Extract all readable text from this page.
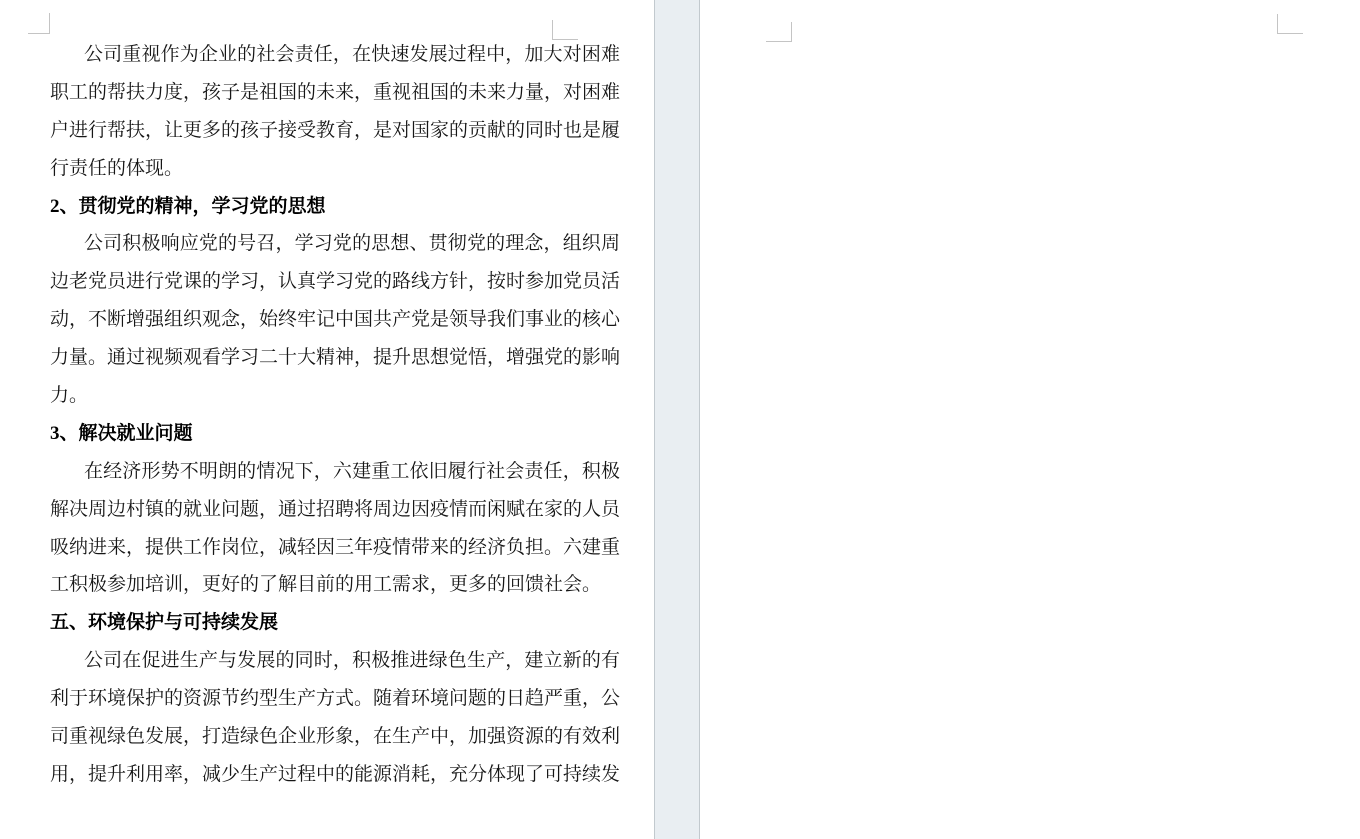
公司重视作为企业的社会责任，在快速发展过程中，加大对困难
职工的帮扶力度，孩子是祖国的未来，重视祖国的未来力量，对困难
户进行帮扶，让更多的孩子接受教育，是对国家的贡献的同时也是履
行责任的体现。
2、贯彻党的精神，学习党的思想
公司积极响应党的号召，学习党的思想、贯彻党的理念，组织周
边老党员进行党课的学习，认真学习党的路线方针，按时参加党员活
动，不断增强组织观念，始终牢记中国共产党是领导我们事业的核心
力量。通过视频观看学习二十大精神，提升思想觉悟，增强党的影响
力。
3、解决就业问题
在经济形势不明朗的情况下，六建重工依旧履行社会责任，积极
解决周边村镇的就业问题，通过招聘将周边因疫情而闲赋在家的人员
吸纳进来，提供工作岗位，减轻因三年疫情带来的经济负担。六建重
工积极参加培训，更好的了解目前的用工需求，更多的回馈社会。
五、环境保护与可持续发展
公司在促进生产与发展的同时，积极推进绿色生产，建立新的有
利于环境保护的资源节约型生产方式。随着环境问题的日趋严重，公
司重视绿色发展，打造绿色企业形象，在生产中，加强资源的有效利
用，提升利用率，减少生产过程中的能源消耗，充分体现了可持续发
